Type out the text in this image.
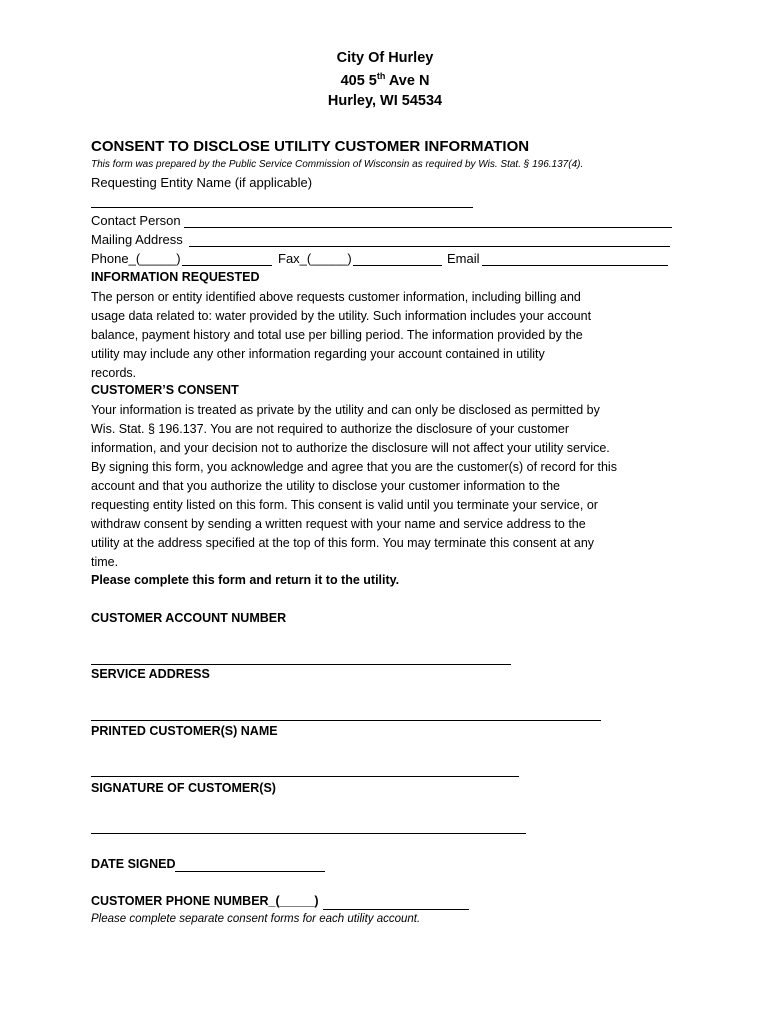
City Of Hurley
405 5th Ave N
Hurley, WI 54534
CONSENT TO DISCLOSE UTILITY CUSTOMER INFORMATION
This form was prepared by the Public Service Commission of Wisconsin as required by Wis. Stat. § 196.137(4).
Requesting Entity Name (if applicable)
Contact Person
Mailing Address
Phone_(_____)	Fax_(_____)	Email
INFORMATION REQUESTED
The person or entity identified above requests customer information, including billing and
usage data related to: water provided by the utility. Such information includes your account
balance, payment history and total use per billing period. The information provided by the
utility may include any other information regarding your account contained in utility
records.
CUSTOMER’S CONSENT
Your information is treated as private by the utility and can only be disclosed as permitted by
Wis. Stat. § 196.137. You are not required to authorize the disclosure of your customer
information, and your decision not to authorize the disclosure will not affect your utility service.
By signing this form, you acknowledge and agree that you are the customer(s) of record for this
account and that you authorize the utility to disclose your customer information to the
requesting entity listed on this form. This consent is valid until you terminate your service, or
withdraw consent by sending a written request with your name and service address to the
utility at the address specified at the top of this form. You may terminate this consent at any
time.
Please complete this form and return it to the utility.
CUSTOMER ACCOUNT NUMBER
SERVICE ADDRESS
PRINTED CUSTOMER(S) NAME
SIGNATURE OF CUSTOMER(S)
DATE SIGNED
CUSTOMER PHONE NUMBER_(_____)
Please complete separate consent forms for each utility account.
